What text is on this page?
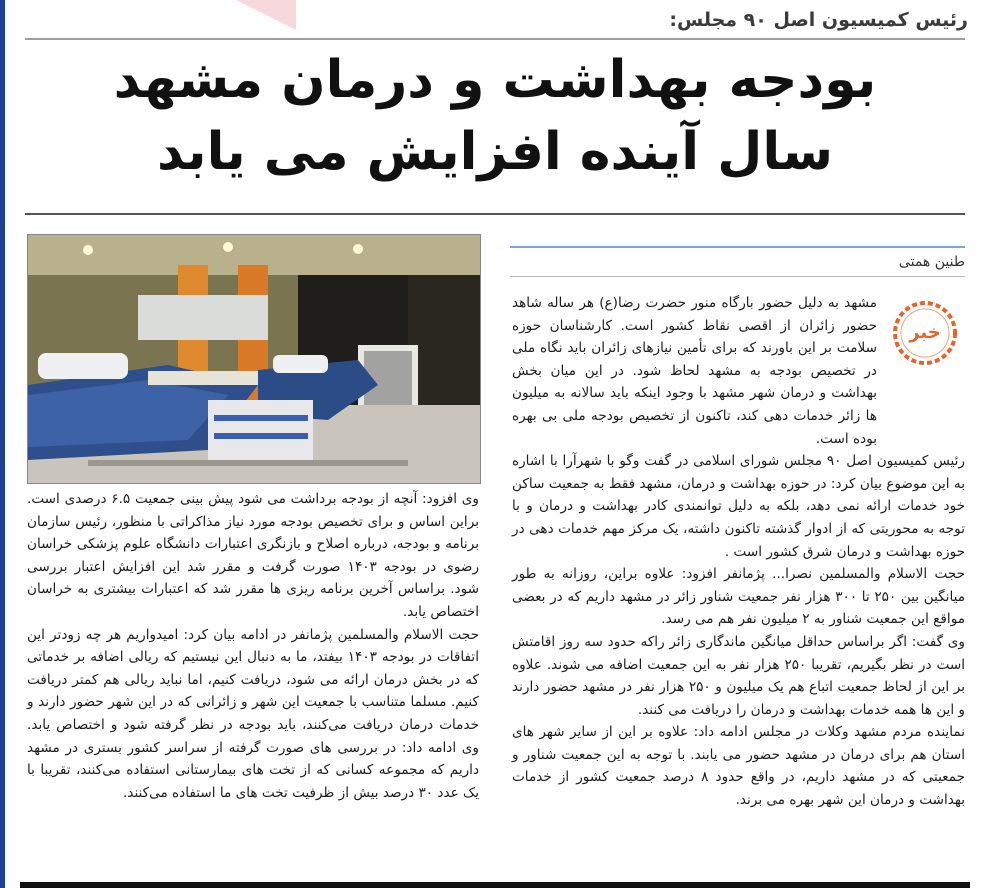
رئیس کمیسیون اصل ۹۰ مجلس:
بودجه بهداشت و درمان مشهد
سال آینده افزایش می یابد
طنین همتی
خبر

مشهد به دلیل حضور بارگاه منور حضرت رضا(ع) هر ساله شاهد حضور زائران از اقصی نقاط کشور است. کارشناسان حوزه سلامت بر این باورند که برای تأمین نیازهای زائران باید نگاه ملی در تخصیص بودجه به مشهد لحاظ شود. در این میان بخش بهداشت و درمان شهر مشهد با وجود اینکه باید سالانه به میلیون ها زائر خدمات دهی کند، تاکنون از تخصیص بودجه ملی بی بهره بوده است.

رئیس کمیسیون اصل ۹۰ مجلس شورای اسلامی در گفت وگو با شهرآرا با اشاره به این موضوع بیان کرد: در حوزه بهداشت و درمان، مشهد فقط به جمعیت ساکن خود خدمات ارائه نمی دهد، بلکه به دلیل توانمندی کادر بهداشت و درمان و با توجه به محوریتی که از ادوار گذشته تاکنون داشته، یک مرکز مهم خدمات دهی در حوزه بهداشت و درمان شرق کشور است .

حجت الاسلام والمسلمین نصرا... پژمانفر افزود: علاوه براین، روزانه به طور میانگین بین ۲۵۰ تا ۳۰۰ هزار نفر جمعیت شناور زائر در مشهد داریم که در بعضی مواقع این جمعیت شناور به ۲ میلیون نفر هم می رسد.

وی گفت: اگر براساس حداقل میانگین ماندگاری زائر راکه حدود سه روز اقامتش است در نظر بگیریم، تقریبا ۲۵۰ هزار نفر به این جمعیت اضافه می شوند. علاوه بر این از لحاظ جمعیت اتباع هم یک میلیون و ۲۵۰ هزار نفر در مشهد حضور دارند و این ها همه خدمات بهداشت و درمان را دریافت می کنند.

نماینده مردم مشهد وکلات در مجلس ادامه داد: علاوه بر این از سایر شهر های استان هم برای درمان در مشهد حضور می یابند. با توجه به این جمعیت شناور و جمعیتی که در مشهد داریم، در واقع حدود ۸ درصد جمعیت کشور از خدمات بهداشت و درمان این شهر بهره می برند.

وی افزود: آنچه از بودجه برداشت می شود پیش بینی جمعیت ۶.۵ درصدی است. براین اساس و برای تخصیص بودجه مورد نیاز مذاکراتی با منظور، رئیس سازمان برنامه و بودجه، درباره اصلاح و بازنگری اعتبارات دانشگاه علوم پزشکی خراسان رضوی در بودجه ۱۴۰۳ صورت گرفت و مقرر شد این افزایش اعتبار بررسی شود. براساس آخرین برنامه ریزی ها مقرر شد که اعتبارات بیشتری به خراسان اختصاص یابد.

حجت الاسلام والمسلمین پژمانفر در ادامه بیان کرد: امیدواریم هر چه زودتر این اتفاقات در بودجه ۱۴۰۳ بیفتد، ما به دنبال این نیستیم که ریالی اضافه بر خدماتی که در بخش درمان ارائه می شود، دریافت کنیم، اما نباید ریالی هم کمتر دریافت کنیم. مسلما متناسب با جمعیت این شهر و زائرانی که در این شهر حضور دارند و خدمات درمان دریافت می‌کنند، باید بودجه در نظر گرفته شود و اختصاص یابد. وی ادامه داد: در بررسی های صورت گرفته از سراسر کشور بستری در مشهد داریم که مجموعه کسانی که از تخت های بیمارستانی استفاده می‌کنند، تقریبا با یک عدد ۳۰ درصد بیش از ظرفیت تخت های ما استفاده می‌کنند.
